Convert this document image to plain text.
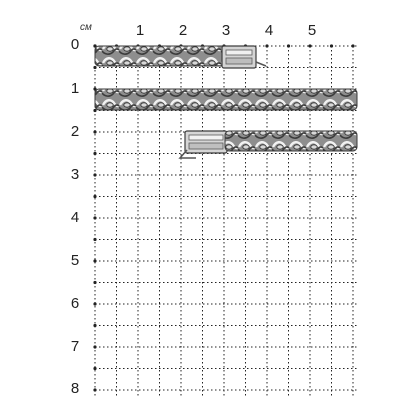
см	1	2	3	4	5
0
1
2
3
4
5
6
7
8
